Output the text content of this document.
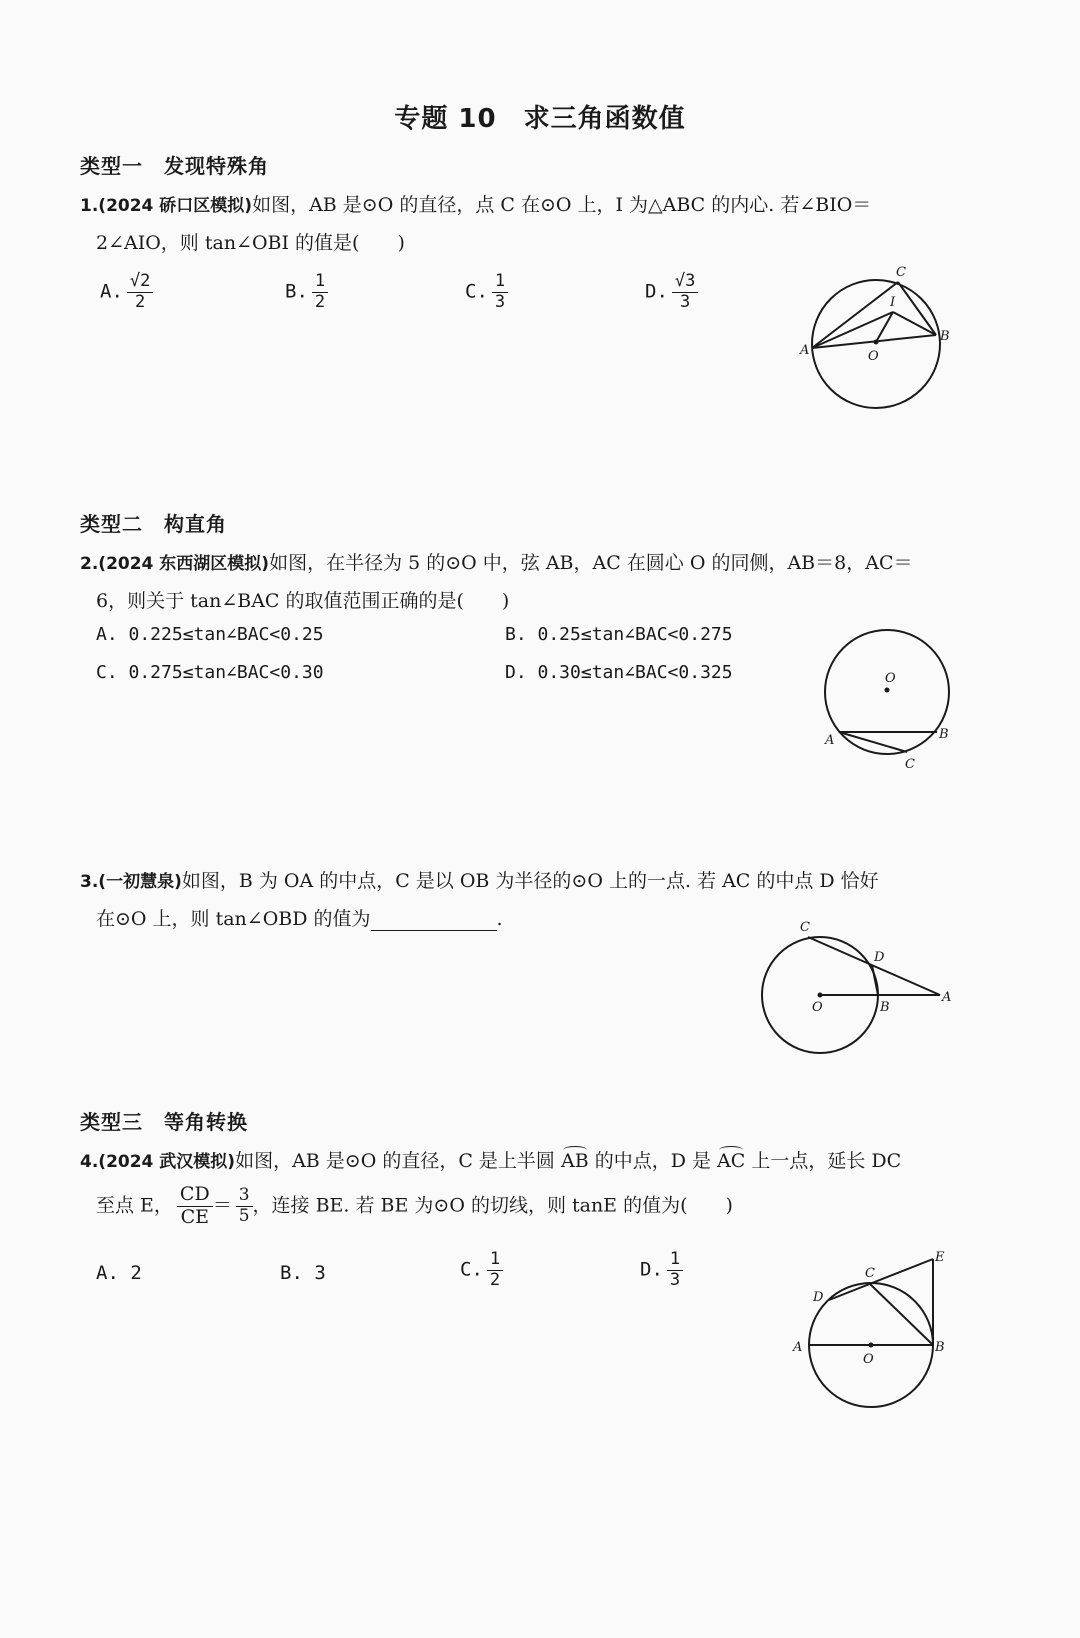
专题 10　求三角函数值
类型一　发现特殊角
1.(2024 硚口区模拟)如图，AB 是⊙O 的直径，点 C 在⊙O 上，I 为△ABC 的内心. 若∠BIO＝
2∠AIO，则 tan∠OBI 的值是(　　)
A. $\frac{√2}{2}$	B. $\frac{1}{2}$	C. $\frac{1}{3}$	D. $\frac{√3}{3}$
A
B
C
I
O
类型二　构直角
2.(2024 东西湖区模拟)如图，在半径为 5 的⊙O 中，弦 AB，AC 在圆心 O 的同侧，AB＝8，AC＝
6，则关于 tan∠BAC 的取值范围正确的是(　　)
A. 0.225≤tan∠BAC<0.25	B. 0.25≤tan∠BAC<0.275
C. 0.275≤tan∠BAC<0.30	D. 0.30≤tan∠BAC<0.325	O
A	B
C
3.(一初慧泉)如图，B 为 OA 的中点，C 是以 OB 为半径的⊙O 上的一点. 若 AC 的中点 D 恰好
在⊙O 上，则 tan∠OBD 的值为	.	C
D
A
B
O
类型三　等角转换
4.(2024 武汉模拟)如图，AB 是⊙O 的直径，C 是上半圆 AB 的中点，D 是 AC 上一点，延长 DC
至点 E， $\frac{CD}{CE} = \frac{3}{5}$ ，连接 BE. 若 BE 为⊙O 的切线，则 tanE 的值为(　　)
A. 2	B. 3	C. $\frac{1}{2}$	D. $\frac{1}{3}$	C
E
D
A	B
O
